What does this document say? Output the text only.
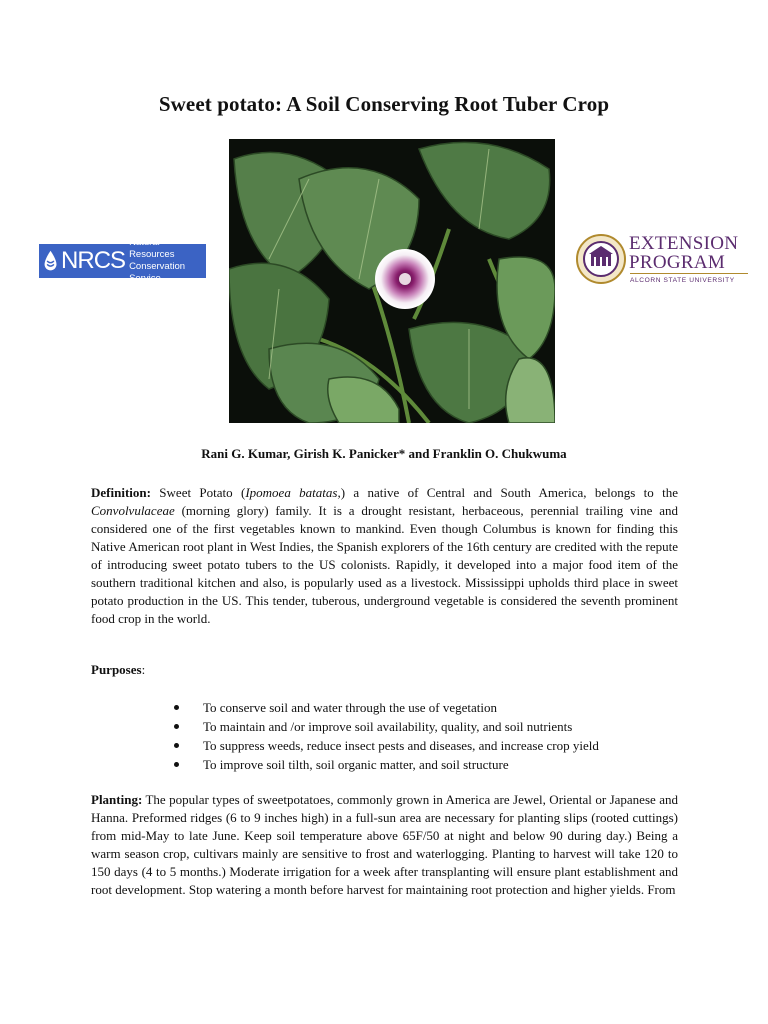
Sweet potato: A Soil Conserving Root Tuber Crop
NRCS
Natural Resources
Conservation Service
EXTENSION
PROGRAM
ALCORN STATE UNIVERSITY
Rani G. Kumar, Girish K. Panicker* and Franklin O. Chukwuma

Definition: Sweet Potato (Ipomoea batatas,) a native of Central and South America, belongs to the Convolvulaceae (morning glory) family. It is a drought resistant, herbaceous, perennial trailing vine and considered one of the first vegetables known to mankind. Even though Columbus is known for finding this Native American root plant in West Indies, the Spanish explorers of the 16th century are credited with the repute of introducing sweet potato tubers to the US colonists. Rapidly, it developed into a major food item of the southern traditional kitchen and also, is popularly used as a livestock. Mississippi upholds third place in sweet potato production in the US. This tender, tuberous, underground vegetable is considered the seventh prominent food crop in the world.

Purposes:

To conserve soil and water through the use of vegetation
To maintain and /or improve soil availability, quality, and soil nutrients
To suppress weeds, reduce insect pests and diseases, and increase crop yield
To improve soil tilth, soil organic matter, and soil structure

Planting: The popular types of sweetpotatoes, commonly grown in America are Jewel, Oriental or Japanese and Hanna. Preformed ridges (6 to 9 inches high) in a full-sun area are necessary for planting slips (rooted cuttings) from mid-May to late June. Keep soil temperature above 65F/50 at night and below 90 during day.) Being a warm season crop, cultivars mainly are sensitive to frost and waterlogging. Planting to harvest will take 120 to 150 days (4 to 5 months.) Moderate irrigation for a week after transplanting will ensure plant establishment and root development. Stop watering a month before harvest for maintaining root protection and higher yields. From
